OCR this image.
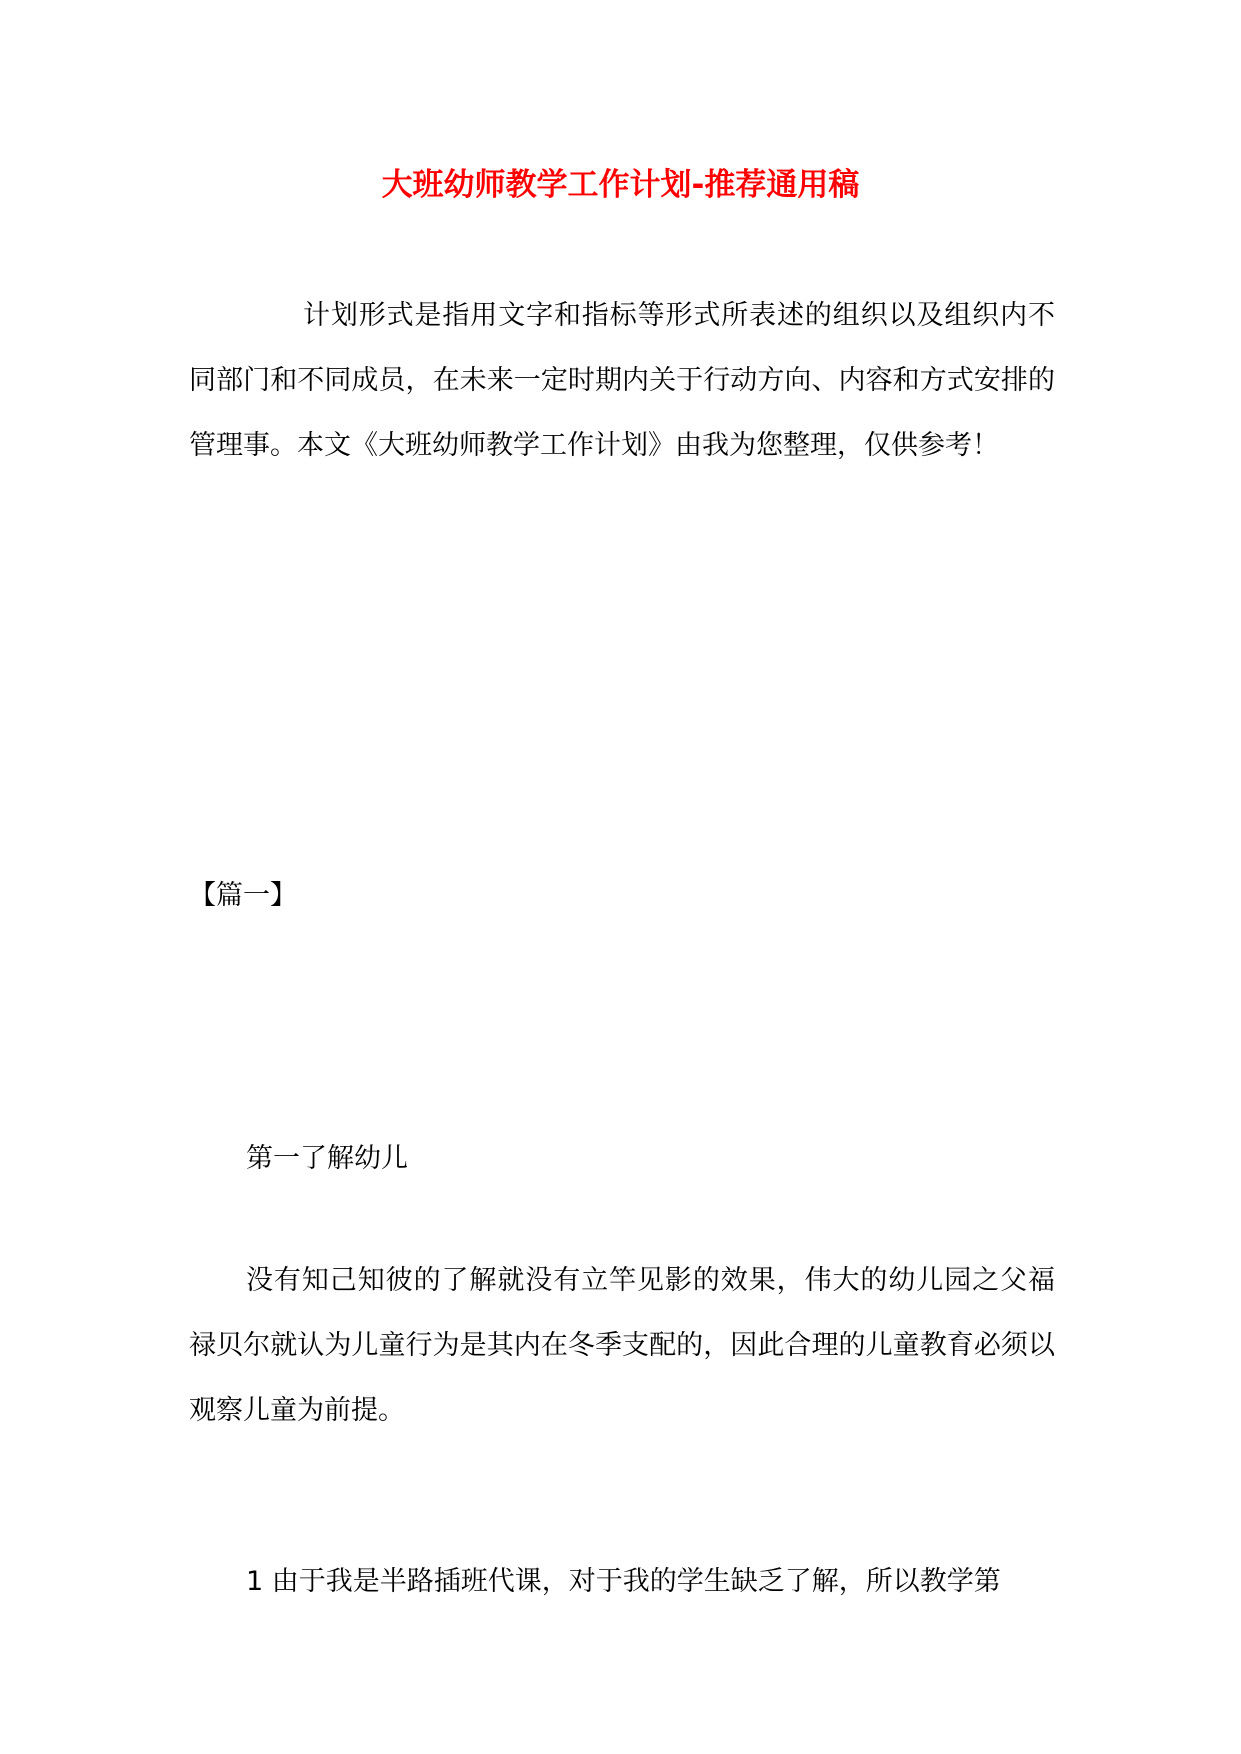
大班幼师教学工作计划-推荐通用稿

计划形式是指用文字和指标等形式所表述的组织以及组织内不同部门和不同成员，在未来一定时期内关于行动方向、内容和方式安排的管理事。本文《大班幼师教学工作计划》由我为您整理，仅供参考！

【篇一】

第一了解幼儿

没有知己知彼的了解就没有立竿见影的效果，伟大的幼儿园之父福禄贝尔就认为儿童行为是其内在冬季支配的，因此合理的儿童教育必须以观察儿童为前提。

1 由于我是半路插班代课，对于我的学生缺乏了解，所以教学第
